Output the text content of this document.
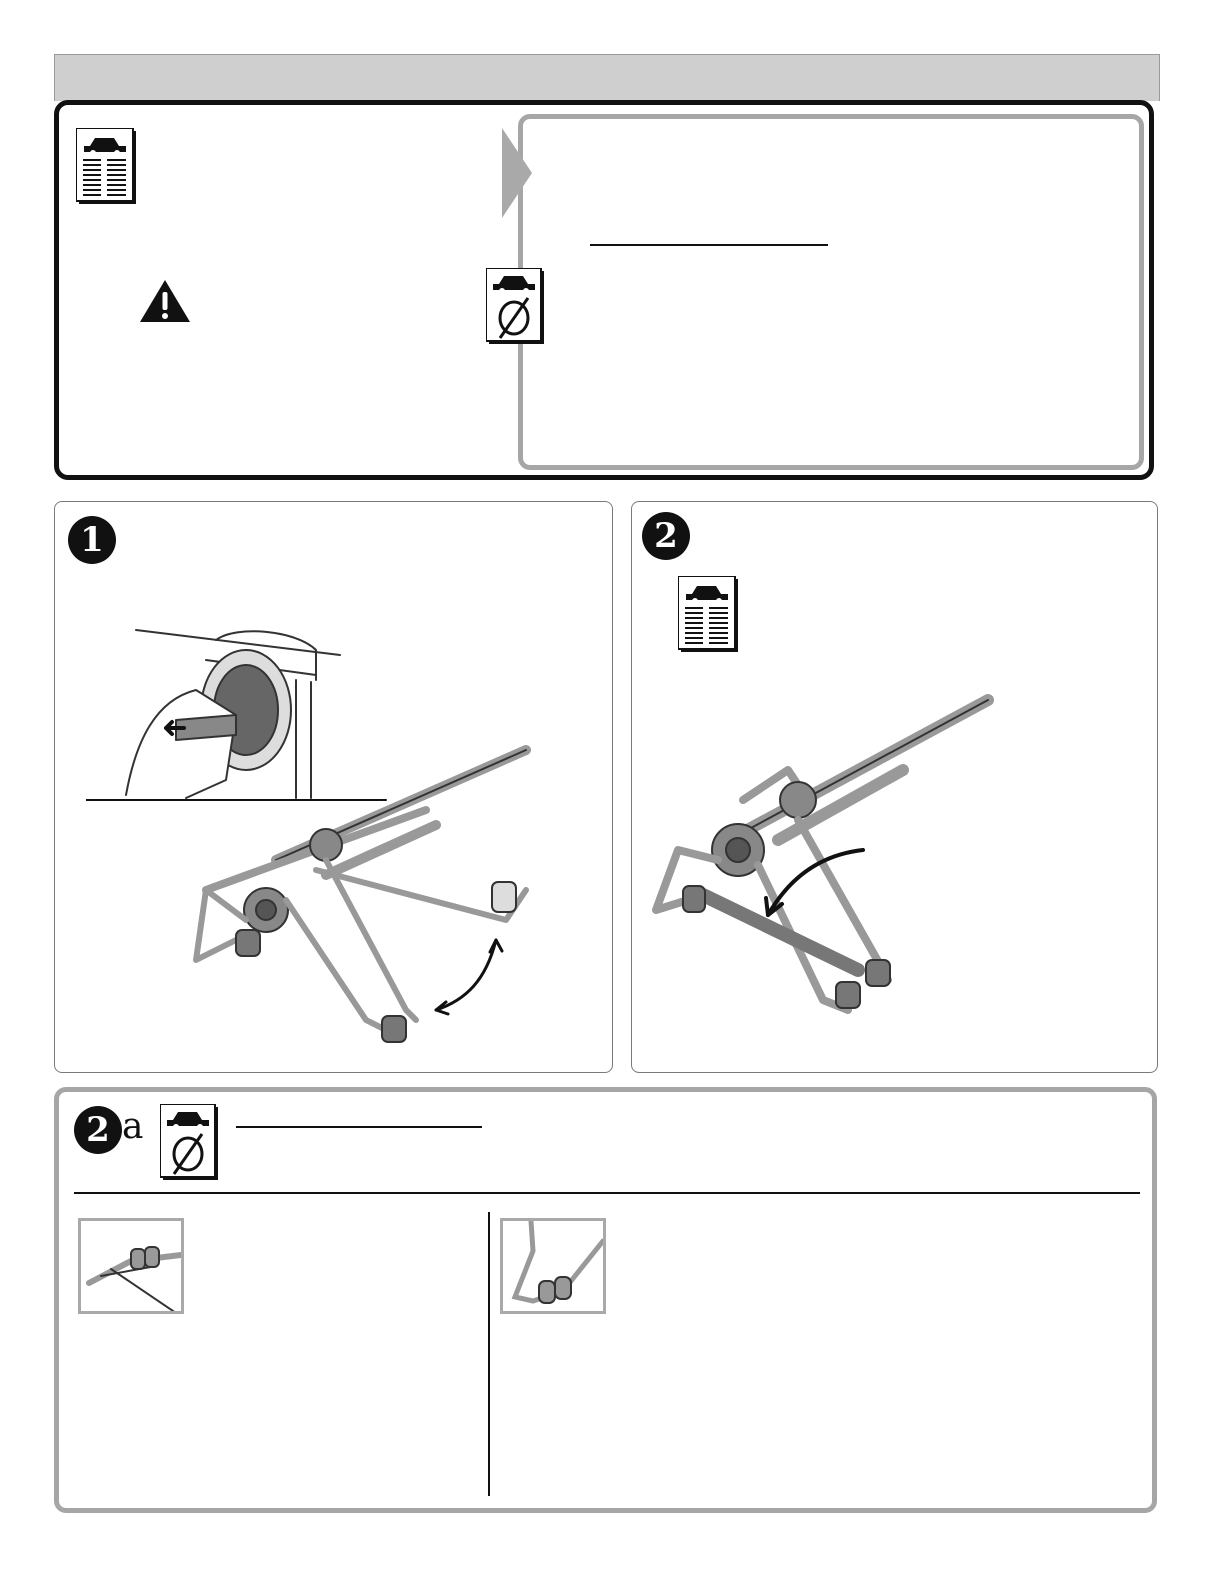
1	2
2 a
